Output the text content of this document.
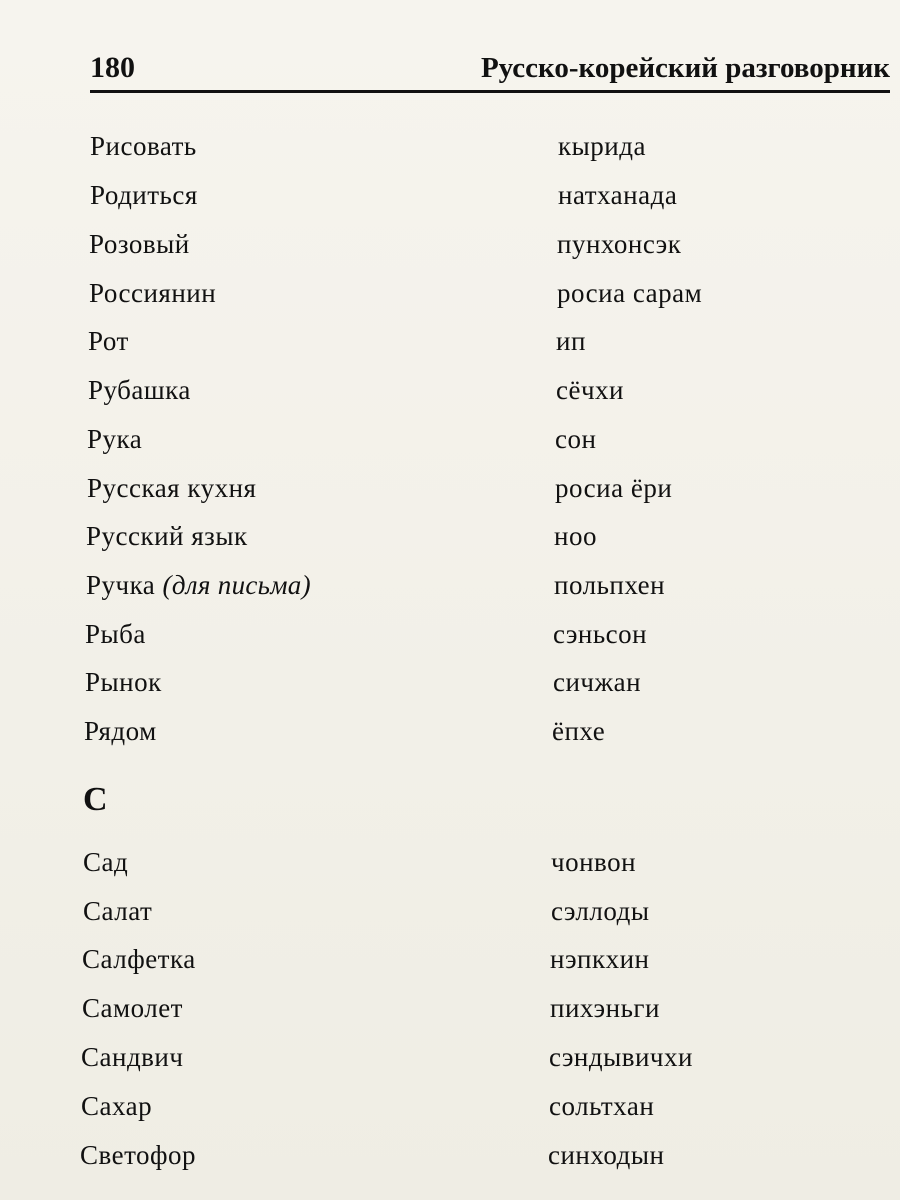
180	Русско-корейский разговорник
Рисовать	кырида
Родиться	натханада
Розовый	пунхонсэк
Россиянин	росиа сарам
Рот	ип
Рубашка	сёчхи
Рука	сон
Русская кухня	росиа ёри
Русский язык	ноо
Ручка (для письма)	польпхен
Рыба	сэньсон
Рынок	сичжан
Рядом	ёпхе
С
Сад	чонвон
Салат	сэллоды
Салфетка	нэпкхин
Самолет	пихэньги
Сандвич	сэндывичхи
Сахар	сольтхан
Светофор	синходын
